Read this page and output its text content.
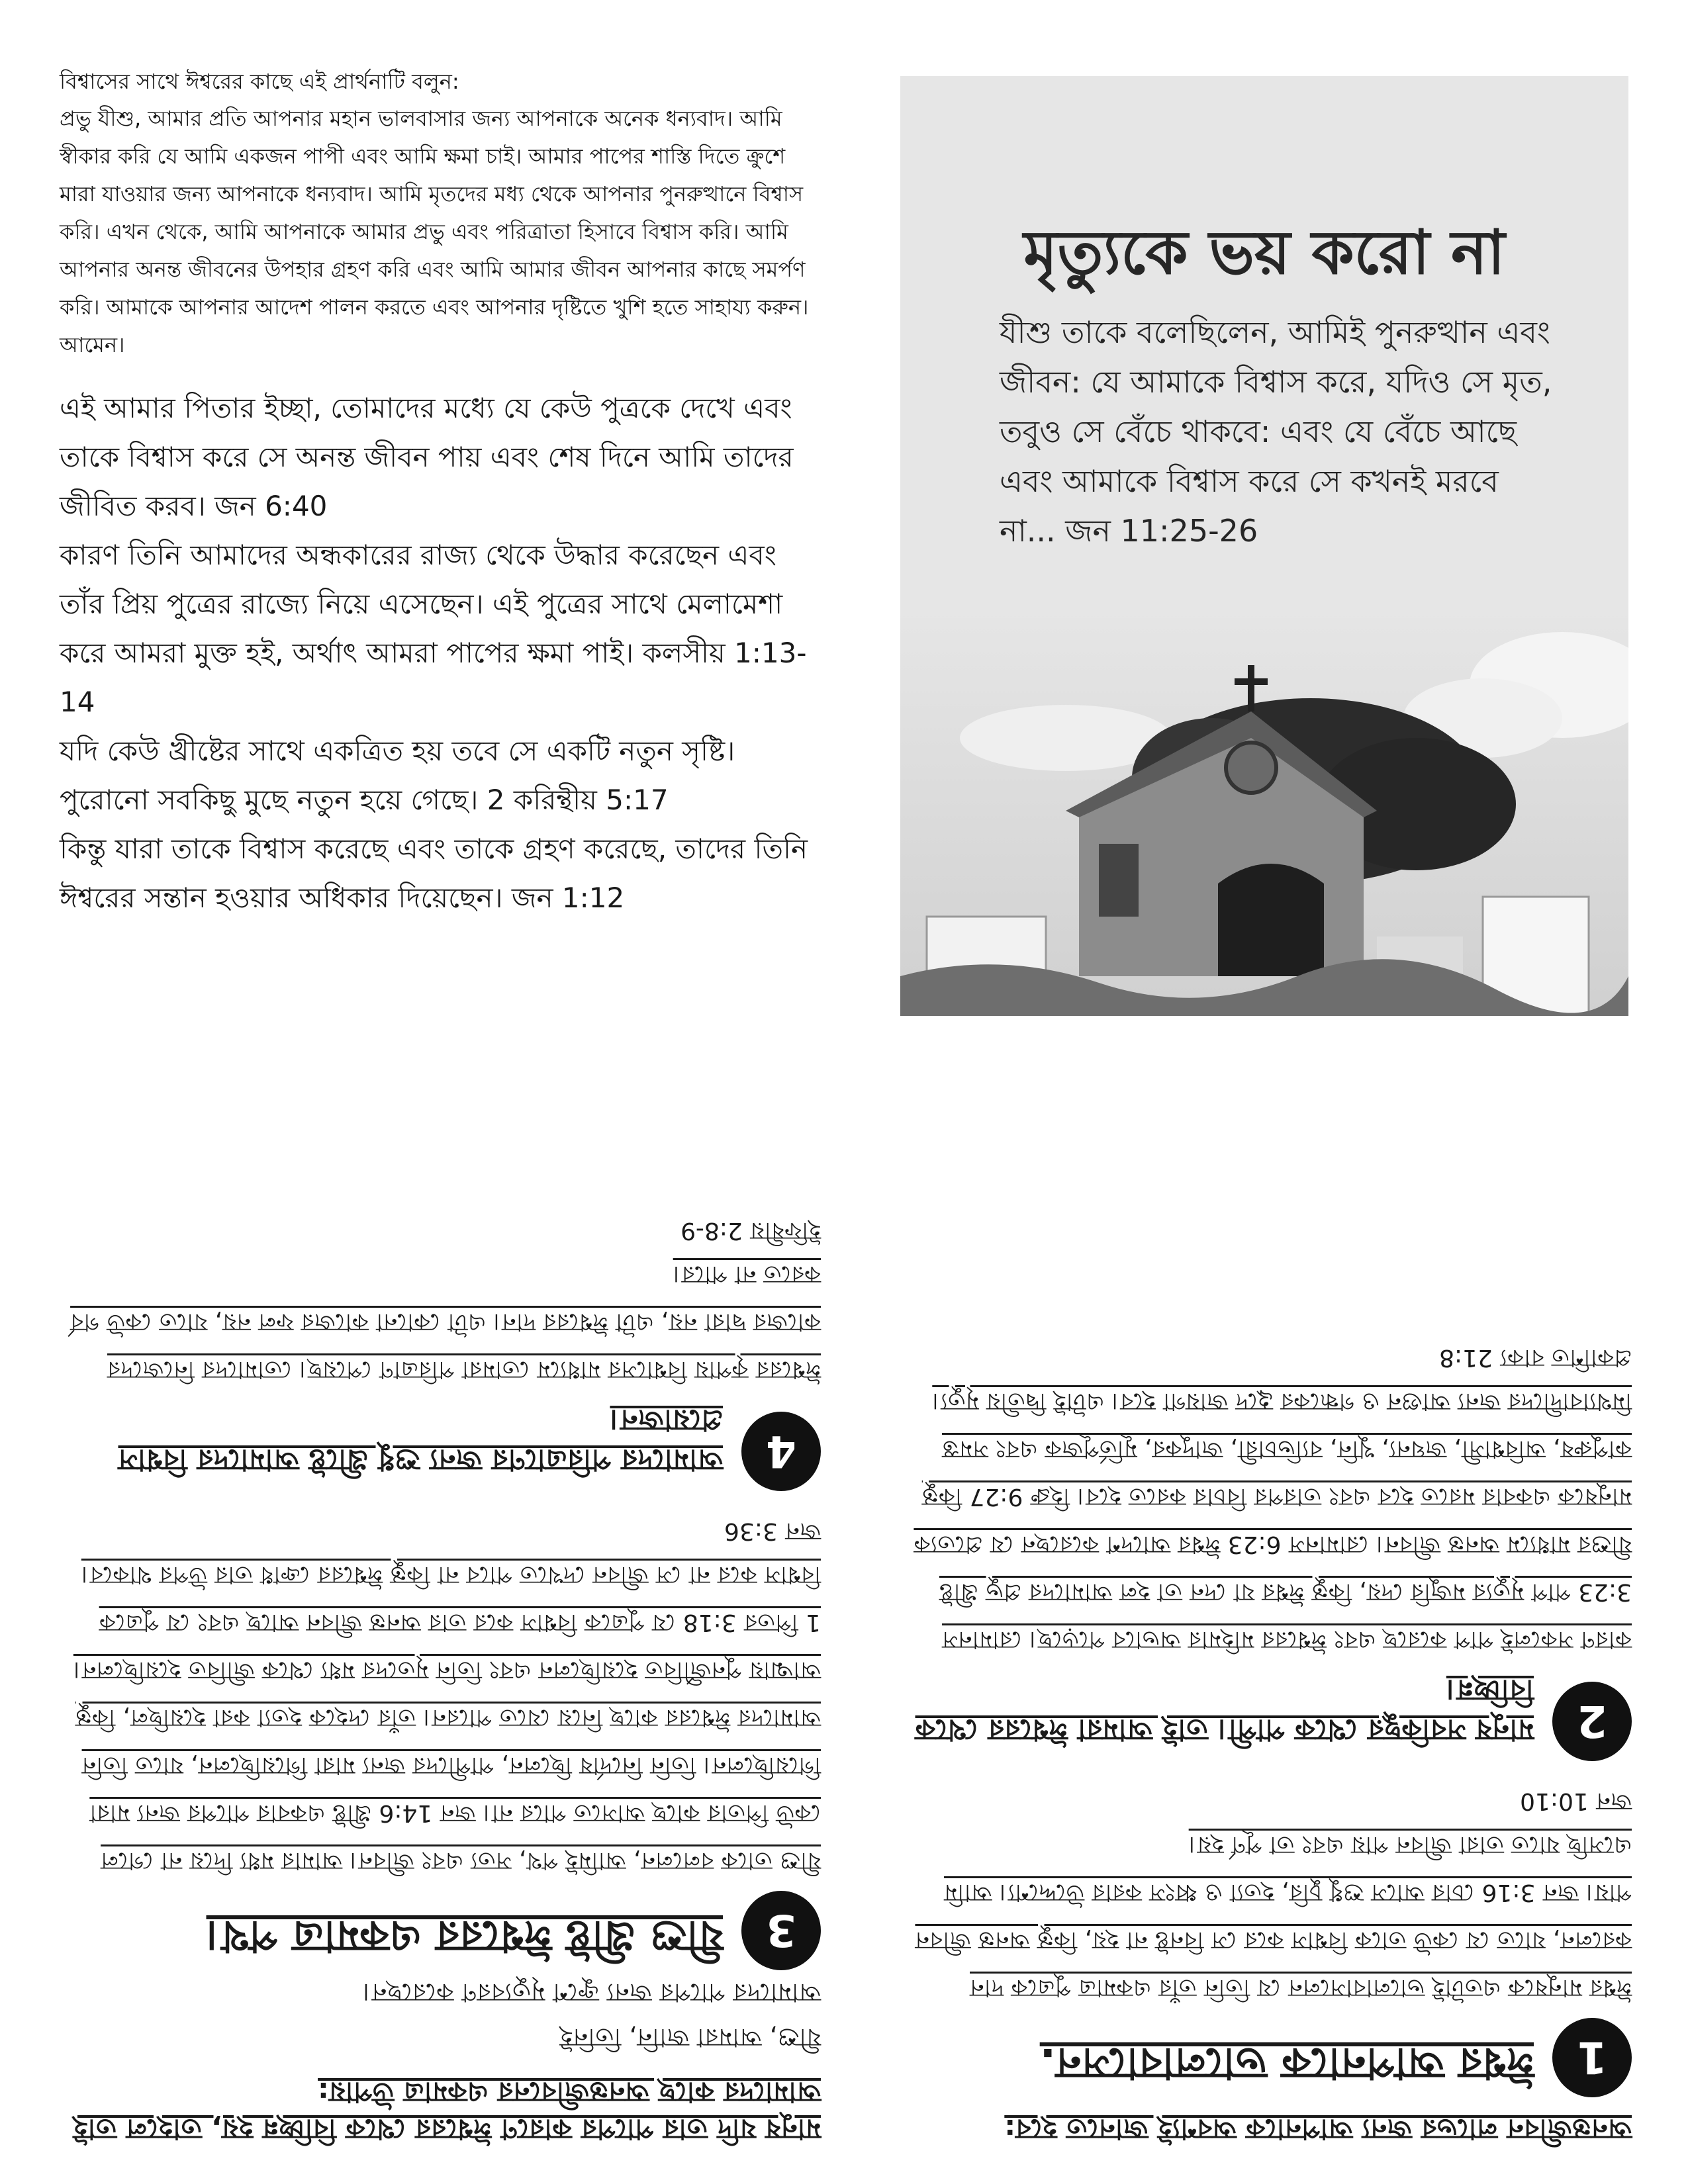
বিশ্বাসের সাথে ঈশ্বরের কাছে এই প্রার্থনাটি বলুন:

প্রভু যীশু, আমার প্রতি আপনার মহান ভালবাসার জন্য আপনাকে অনেক ধন্যবাদ। আমি স্বীকার করি যে আমি একজন পাপী এবং আমি ক্ষমা চাই। আমার পাপের শাস্তি দিতে ক্রুশে মারা যাওয়ার জন্য আপনাকে ধন্যবাদ। আমি মৃতদের মধ্য থেকে আপনার পুনরুত্থানে বিশ্বাস করি। এখন থেকে, আমি আপনাকে আমার প্রভু এবং পরিত্রাতা হিসাবে বিশ্বাস করি। আমি আপনার অনন্ত জীবনের উপহার গ্রহণ করি এবং আমি আমার জীবন আপনার কাছে সমর্পণ করি। আমাকে আপনার আদেশ পালন করতে এবং আপনার দৃষ্টিতে খুশি হতে সাহায্য করুন। আমেন।

এই আমার পিতার ইচ্ছা, তোমাদের মধ্যে যে কেউ পুত্রকে দেখে এবং তাকে বিশ্বাস করে সে অনন্ত জীবন পায় এবং শেষ দিনে আমি তাদের জীবিত করব। জন 6:40

কারণ তিনি আমাদের অন্ধকারের রাজ্য থেকে উদ্ধার করেছেন এবং তাঁর প্রিয় পুত্রের রাজ্যে নিয়ে এসেছেন। এই পুত্রের সাথে মেলামেশা করে আমরা মুক্ত হই, অর্থাৎ আমরা পাপের ক্ষমা পাই। কলসীয় 1:13-14

যদি কেউ খ্রীষ্টের সাথে একত্রিত হয় তবে সে একটি নতুন সৃষ্টি। পুরোনো সবকিছু মুছে নতুন হয়ে গেছে। 2 করিন্থীয় 5:17

কিন্তু যারা তাকে বিশ্বাস করেছে এবং তাকে গ্রহণ করেছে, তাদের তিনি ঈশ্বরের সন্তান হওয়ার অধিকার দিয়েছেন। জন 1:12

মৃত্যুকে ভয় করো না

যীশু তাকে বলেছিলেন, আমিই পুনরুত্থান এবং জীবন: যে আমাকে বিশ্বাস করে, যদিও সে মৃত, তবুও সে বেঁচে থাকবে: এবং যে বেঁচে আছে এবং আমাকে বিশ্বাস করে সে কখনই মরবে না... জন 11:25-26

অনন্তজীবন লাভের জন্য আপনাকে অবশ্যই জানতে হবে:

1
ঈশ্বর আপনাকে ভালোবাসেন.

ঈশ্বর মানুষকে এতটাই ভালোবাসলেন যে তিনি তাঁর একমাত্র পুত্রকে দান করলেন, যাতে যে কেউ তাকে বিশ্বাস করে সে বিনষ্ট না হয়, কিন্তু অনন্ত জীবন পায়। জন 3:16 চোর আসে শুধু চুরি, হত্যা ও ধ্বংস করার উদ্দেশ্যে। আমি এসেছি যাতে তারা জীবন পায় এবং তা পূর্ণ হয়।

জন 10:10

2
মানুষ সবকিছুর থেকে পাপী। তাই আমরা ঈশ্বরের থেকে বিচ্ছিন্ন।

কারণ সকলেই পাপ করেছে এবং ঈশ্বরের মহিমার অভাবে পড়েছে। রোমানস 3:23 পাপ মৃত্যুর মজুরি দেয়, কিন্তু ঈশ্বর যা দেন তা হল আমাদের প্রভু খ্রীষ্ট যীশুর মাধ্যমে অনন্ত জীবন। রোমানস 6:23 ঈশ্বর আদেশ করেছেন যে প্রত্যেক মানুষকে একবার মরতে হবে এবং তারপর বিচার করতে হবে। হিব্রু 9:27 কিন্তু কাপুরুষ, অবিশ্বাসী, জঘন্য, খুনি, ব্যভিচারী, জাদুকর, মূর্তিপূজক এবং সমস্ত মিথ্যাবাদীদের জন্য আগুন ও গন্ধকের হ্রদে জায়গা হবে। এটাই দ্বিতীয় মৃত্যু।

প্রকাশিত বাক্য 21:8

মানুষ যদি তার পাপের কারণে ঈশ্বরের থেকে বিচ্ছিন্ন হয়, তাহলে তাই আমাদের কাছে অনন্তজীবনের একমাত্র উপায়:

যীশু, আমরা জানি, তিনিই

আমাদের পাপের জন্য ক্রুশে মৃত্যুবরণ করেছেন।

3
যীশু খ্রীষ্ট ঈশ্বরের একমাত্র পথ।

যীশু তাকে বললেন, আমিই পথ, সত্য এবং জীবন। আমার মধ্য দিয়ে না গেলে কেউ পিতার কাছে আসতে পারে না। জন 14:6 খ্রীষ্ট একবার পাপের জন্য মারা গিয়েছিলেন। তিনি নির্দোষ ছিলেন, পাপীদের জন্য মারা গিয়েছিলেন, যাতে তিনি আমাদের ঈশ্বরের কাছে নিয়ে যেতে পারেন। তাঁর দেহকে হত্যা করা হয়েছিল, কিন্তু আত্মায় পুনর্জীবিত হয়েছিলেন এবং তিনি মৃতদের মধ্য থেকে জীবিত হয়েছিলেন। 1 পিতর 3:18 যে পুত্রকে বিশ্বাস করে তার অনন্ত জীবন আছে এবং যে পুত্রকে বিশ্বাস করে না সে জীবন দেখতে পাবে না কিন্তু ঈশ্বরের ক্রোধ তার উপর থাকবে।

জন 3:36

4
আমাদের পরিত্রাণের জন্য শুধু খ্রীষ্টে আমাদের বিশ্বাস প্রয়োজন।

ঈশ্বরের কৃপায় বিশ্বাসের মাধ্যমে তোমরা পরিত্রাণ পেয়েছ। তোমাদের নিজেদের কাজের দ্বারা নয়, এটা ঈশ্বরের দান। এটা কোনো কাজের ফল নয়, যাতে কেউ গর্ব করতে না পারে।

ইফিষীয় 2:8-9
